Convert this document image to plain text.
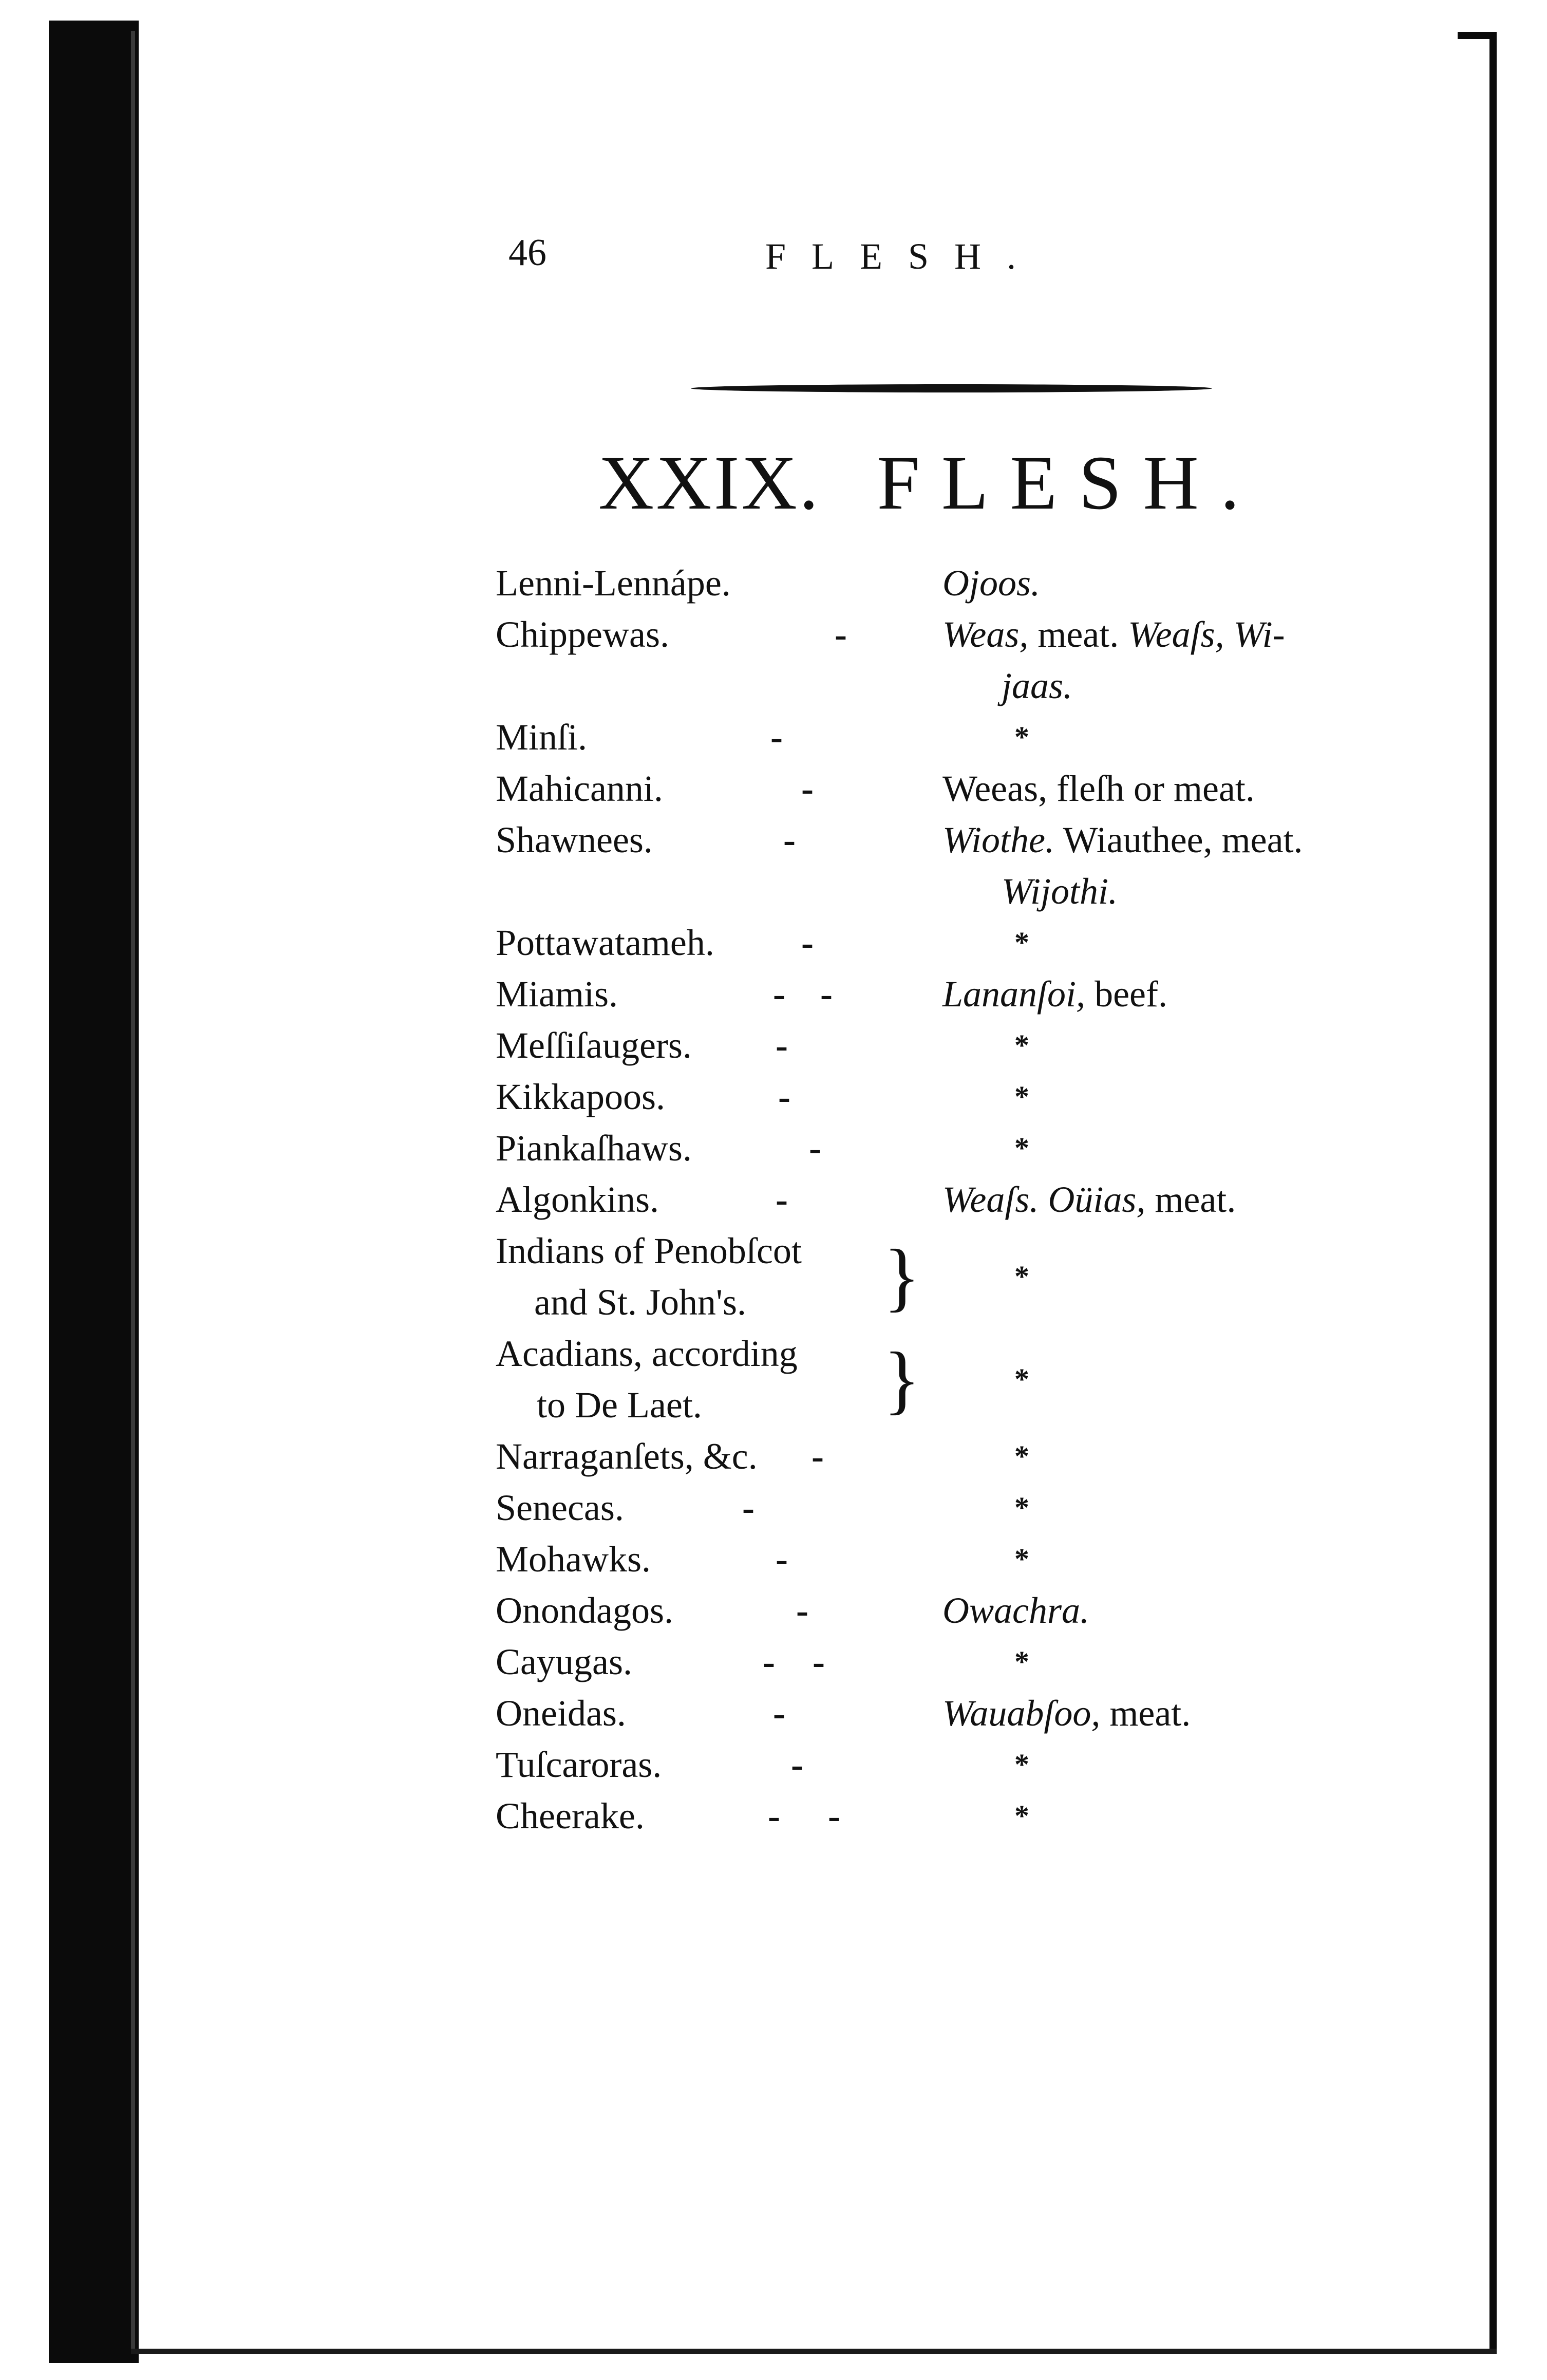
46	FLESH.
XXIX. FLESH.
Lenni-Lennápe.	Ojoos.
Chippewas.	-	Weas, meat. Weaſs, Wi-
jaas.
Minſi.	-	*
Mahicanni.	-	Weeas, fleſh or meat.
Shawnees.	-	Wiothe. Wiauthee, meat.
Wijothi.
Pottawatameh. -	*
Miamis.	- -	Lananſoi, beef.
Meſſiſaugers. -	*
Kikkapoos.	-	*
Piankaſhaws.	-	*
Algonkins.	-	Weaſs. Oüias, meat.
Indians of Penobſcot
and St. John's.	}	*
Acadians, according
to De Laet.	}	*
Narraganſets, &c. -	*
Senecas.	-	*
Mohawks.	-	*
Onondagos.	-	Owachra.
Cayugas.	- -	*
Oneidas.	-	Wauabſoo, meat.
Tuſcaroras.	-	*
Cheerake.	- -	*
